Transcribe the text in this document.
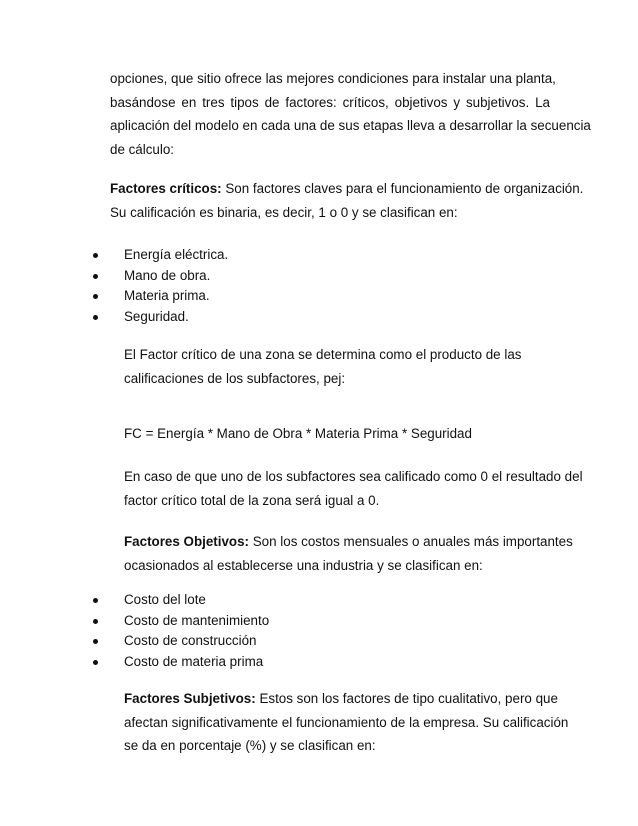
opciones, que sitio ofrece las mejores condiciones para instalar una planta,
basándose en tres tipos de factores: críticos, objetivos y subjetivos. La
aplicación del modelo en cada una de sus etapas lleva a desarrollar la secuencia
de cálculo:
Factores críticos: Son factores claves para el funcionamiento de organización.
Su calificación es binaria, es decir, 1 o 0 y se clasifican en:
Energía eléctrica.
Mano de obra.
Materia prima.
Seguridad.
El Factor crítico de una zona se determina como el producto de las
calificaciones de los subfactores, pej:
FC = Energía * Mano de Obra * Materia Prima * Seguridad
En caso de que uno de los subfactores sea calificado como 0 el resultado del
factor crítico total de la zona será igual a 0.
Factores Objetivos: Son los costos mensuales o anuales más importantes
ocasionados al establecerse una industria y se clasifican en:
Costo del lote
Costo de mantenimiento
Costo de construcción
Costo de materia prima
Factores Subjetivos: Estos son los factores de tipo cualitativo, pero que
afectan significativamente el funcionamiento de la empresa. Su calificación
se da en porcentaje (%) y se clasifican en:
